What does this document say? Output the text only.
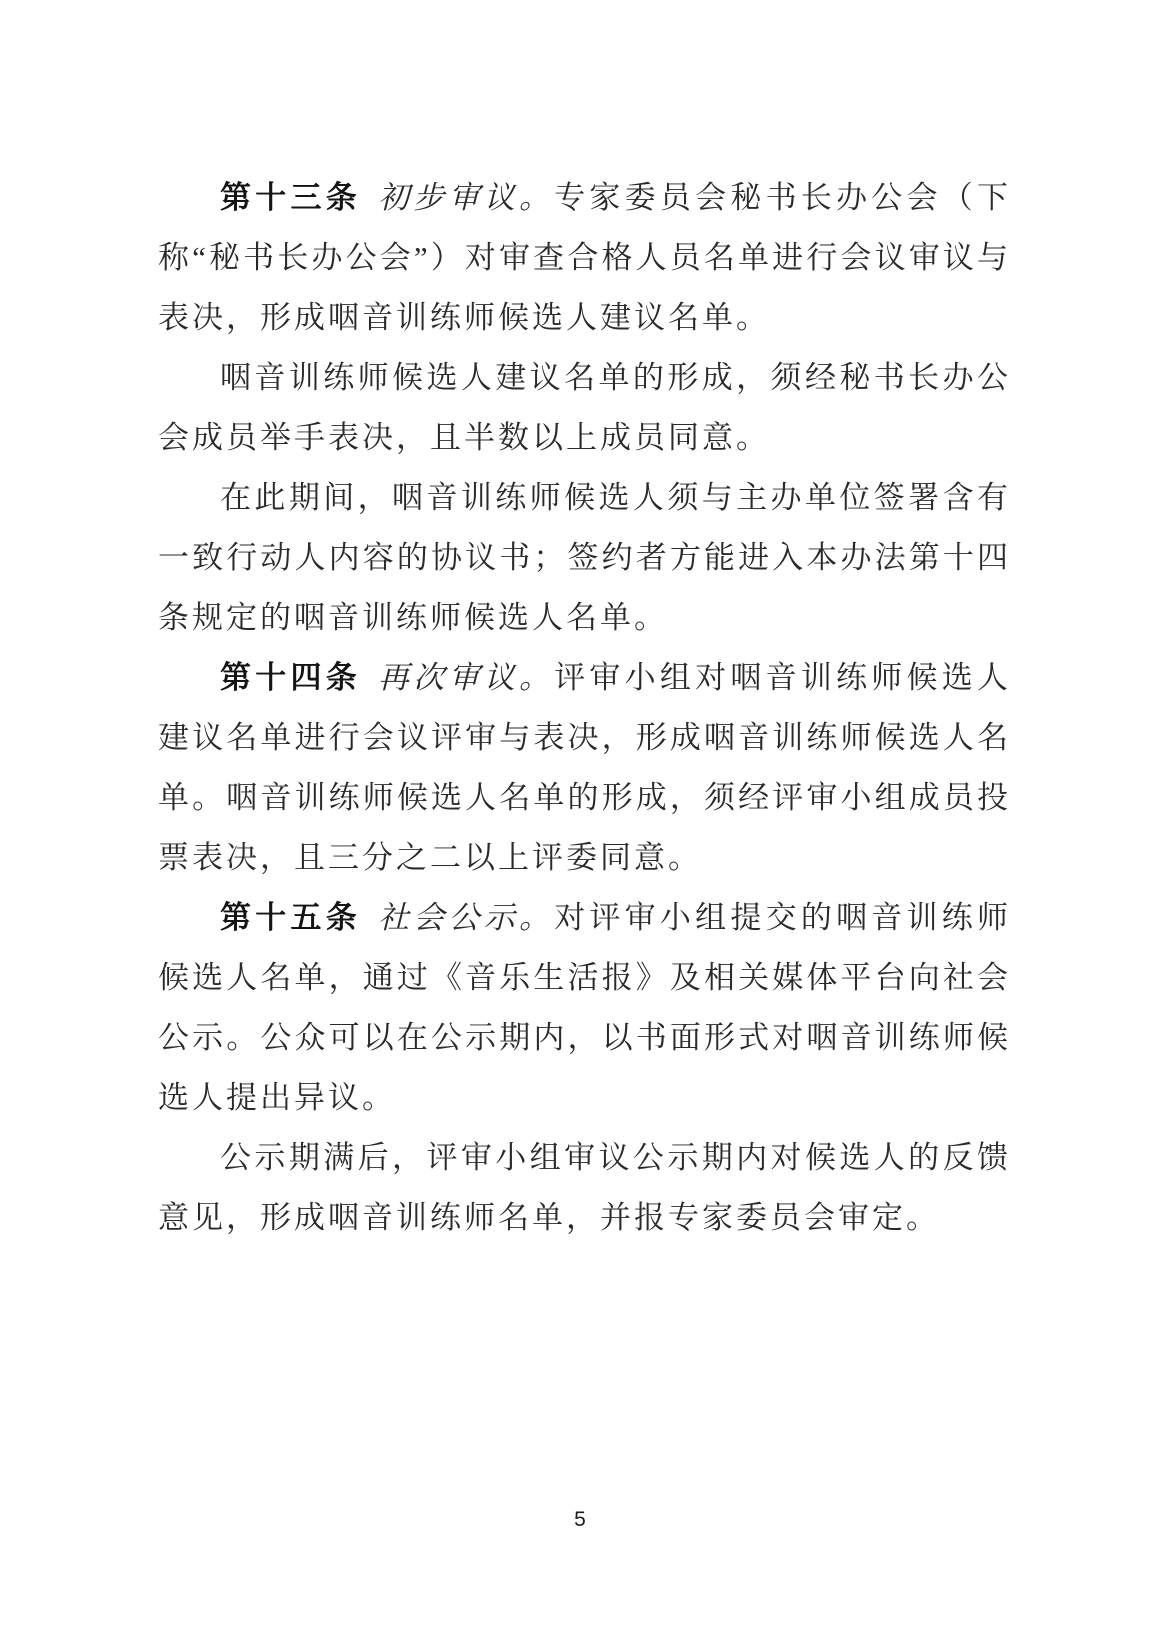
第十三条 初步审议。专家委员会秘书长办公会（下称“秘书长办公会”）对审查合格人员名单进行会议审议与表决，形成咽音训练师候选人建议名单。

咽音训练师候选人建议名单的形成，须经秘书长办公会成员举手表决，且半数以上成员同意。

在此期间，咽音训练师候选人须与主办单位签署含有一致行动人内容的协议书；签约者方能进入本办法第十四条规定的咽音训练师候选人名单。

第十四条 再次审议。评审小组对咽音训练师候选人建议名单进行会议评审与表决，形成咽音训练师候选人名单。咽音训练师候选人名单的形成，须经评审小组成员投票表决，且三分之二以上评委同意。

第十五条 社会公示。对评审小组提交的咽音训练师候选人名单，通过《音乐生活报》及相关媒体平台向社会公示。公众可以在公示期内，以书面形式对咽音训练师候选人提出异议。

公示期满后，评审小组审议公示期内对候选人的反馈意见，形成咽音训练师名单，并报专家委员会审定。

5
